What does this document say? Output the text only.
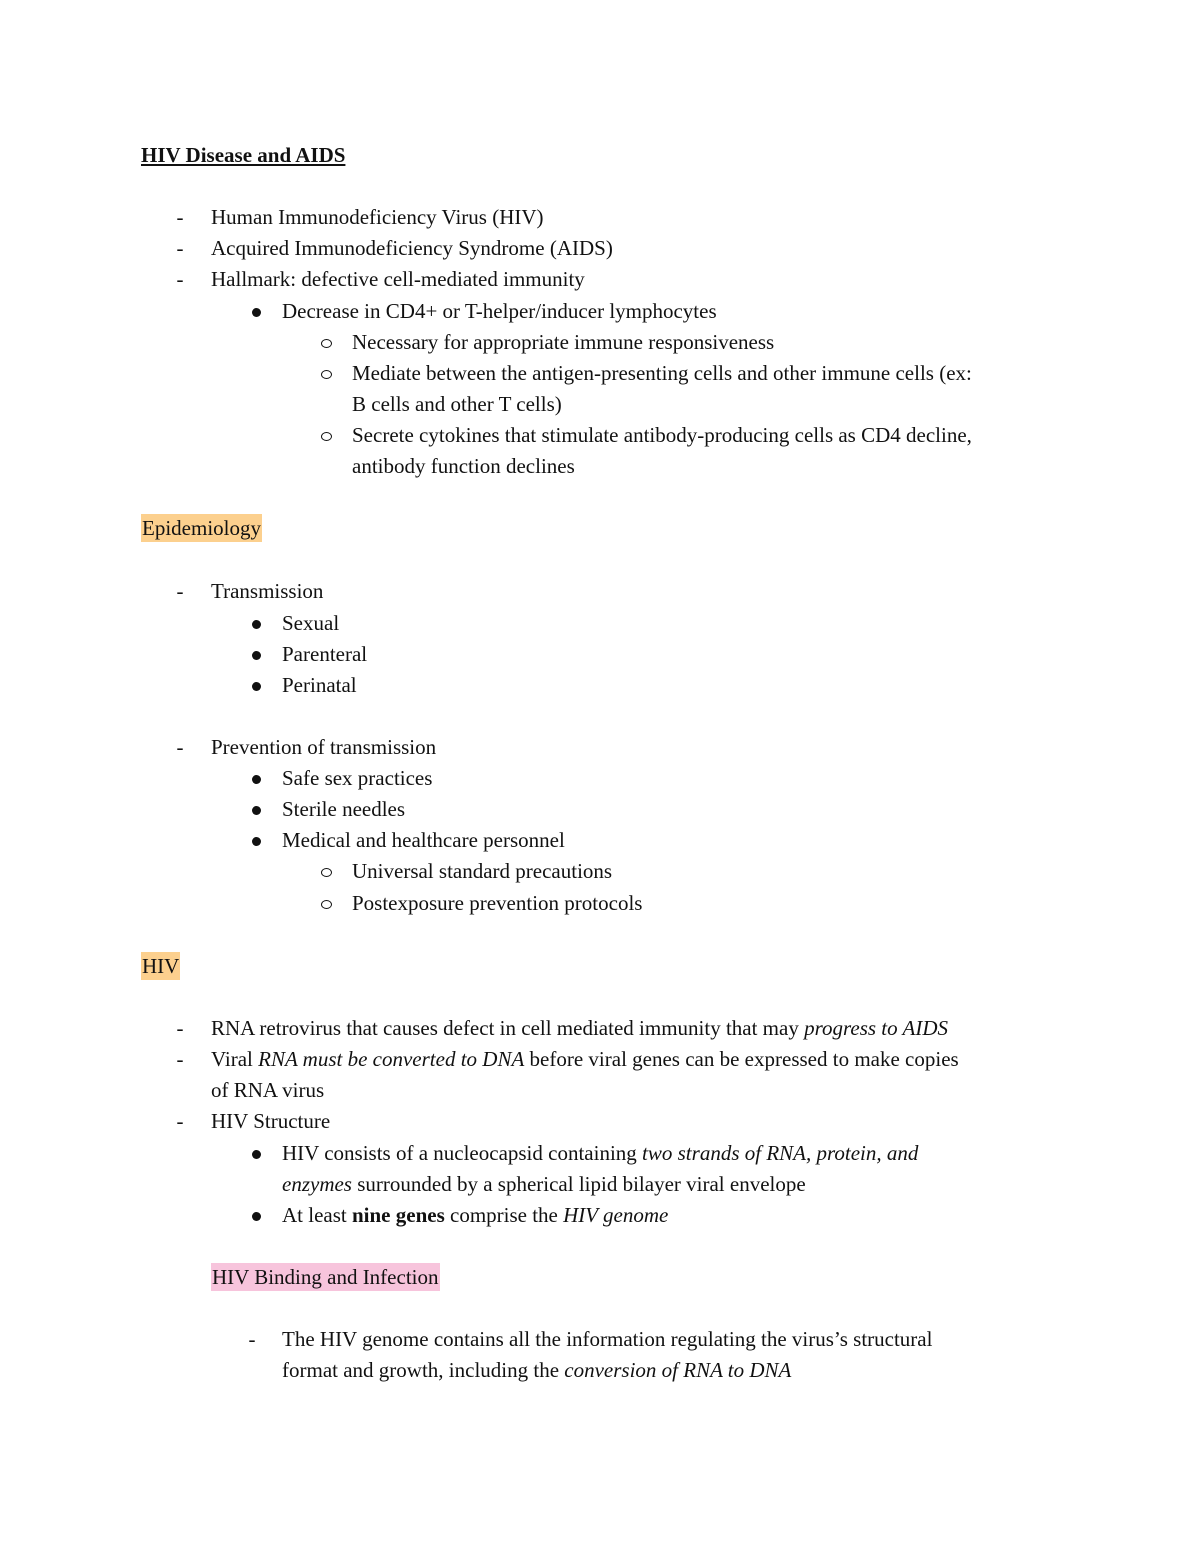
HIV Disease and AIDS
-	Human Immunodeficiency Virus (HIV)
-	Acquired Immunodeficiency Syndrome (AIDS)
-	Hallmark: defective cell-mediated immunity
Decrease in CD4+ or T-helper/inducer lymphocytes
Necessary for appropriate immune responsiveness
Mediate between the antigen-presenting cells and other immune cells (ex:
B cells and other T cells)
Secrete cytokines that stimulate antibody-producing cells as CD4 decline,
antibody function declines
Epidemiology
-	Transmission
Sexual
Parenteral
Perinatal
-	Prevention of transmission
Safe sex practices
Sterile needles
Medical and healthcare personnel
Universal standard precautions
Postexposure prevention protocols
HIV
-	RNA retrovirus that causes defect in cell mediated immunity that may progress to AIDS
-	Viral RNA must be converted to DNA before viral genes can be expressed to make copies
of RNA virus
-	HIV Structure
HIV consists of a nucleocapsid containing two strands of RNA, protein, and
enzymes surrounded by a spherical lipid bilayer viral envelope
At least nine genes comprise the HIV genome
HIV Binding and Infection
-	The HIV genome contains all the information regulating the virus’s structural
format and growth, including the conversion of RNA to DNA
